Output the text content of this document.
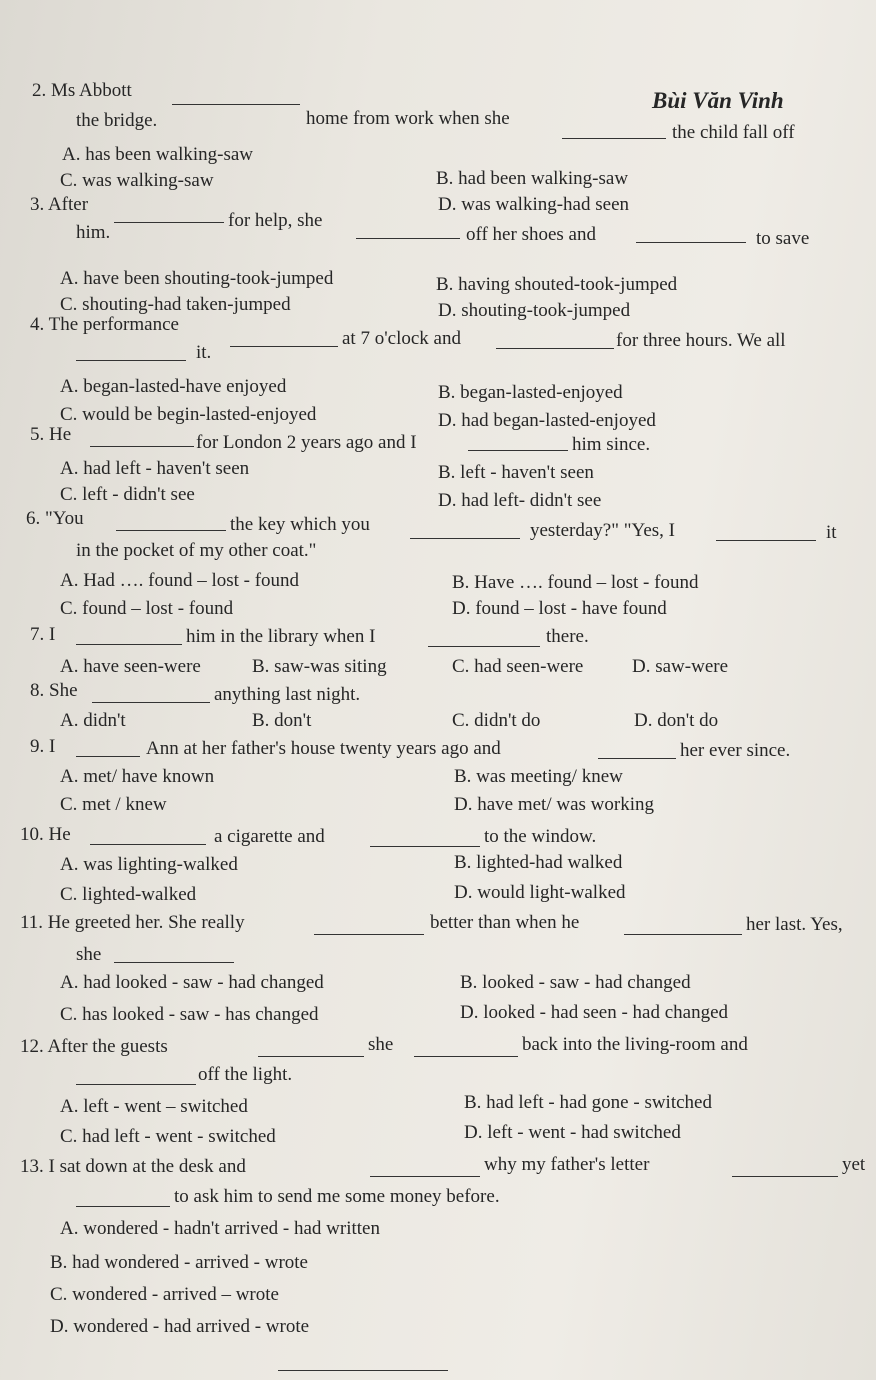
Bùi Văn Vinh
2. Ms Abbott
home from work when she
the child fall off
the bridge.
A. has been walking-saw
B. had been walking-saw
C. was walking-saw
D. was walking-had seen
3. After
for help, she
off her shoes and	to save
him.
A. have been shouting-took-jumped	B. having shouted-took-jumped
C. shouting-had taken-jumped	D. shouting-took-jumped
4. The performance
at 7 o'clock and	for three hours. We all
it.
A. began-lasted-have enjoyed	B. began-lasted-enjoyed
C. would be begin-lasted-enjoyed	D. had began-lasted-enjoyed
5. He	for London 2 years ago and I	him since.
A. had left - haven't seen	B. left - haven't seen
C. left - didn't see	D. had left- didn't see
6. "You	the key which you	yesterday?" "Yes, I	it
in the pocket of my other coat."
A. Had …. found – lost - found	B. Have …. found – lost - found
C. found – lost - found	D. found – lost - have found
7. I	him in the library when I	there.
A. have seen-were	B. saw-was siting	C. had seen-were	D. saw-were
8. She	anything last night.
A. didn't	B. don't	C. didn't do	D. don't do
9. I	Ann at her father's house twenty years ago and	her ever since.
A. met/ have known	B. was meeting/ knew
C. met / knew	D. have met/ was working
10. He	a cigarette and	to the window.
A. was lighting-walked	B. lighted-had walked
C. lighted-walked	D. would light-walked
11. He greeted her. She really	better than when he	her last. Yes,
she
A. had looked - saw - had changed	B. looked - saw - had changed
C. has looked - saw - has changed	D. looked - had seen - had changed
12. After the guests	she	back into the living-room and
off the light.
A. left - went – switched	B. had left - had gone - switched
C. had left - went - switched	D. left - went - had switched
13. I sat down at the desk and	why my father's letter	yet
to ask him to send me some money before.
A. wondered - hadn't arrived - had written
B. had wondered - arrived - wrote
C. wondered - arrived – wrote
D. wondered - had arrived - wrote
